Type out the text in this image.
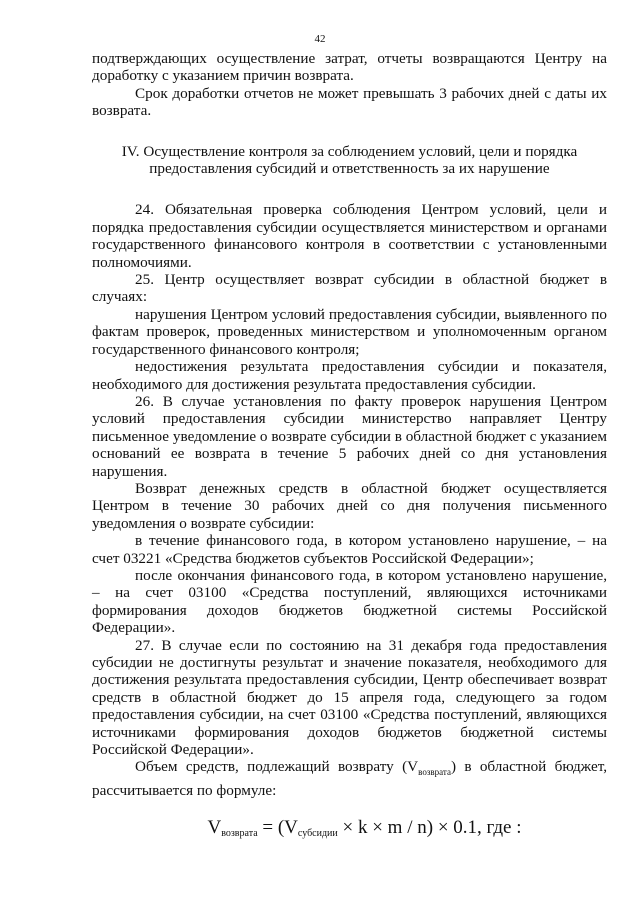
42

подтверждающих осуществление затрат, отчеты возвращаются Центру на доработку с указанием причин возврата.

Срок доработки отчетов не может превышать 3 рабочих дней с даты их возврата.

IV. Осуществление контроля за соблюдением условий, цели и порядка предоставления субсидий и ответственность за их нарушение

24. Обязательная проверка соблюдения Центром условий, цели и порядка предоставления субсидии осуществляется министерством и органами государственного финансового контроля в соответствии с установленными полномочиями.

25. Центр осуществляет возврат субсидии в областной бюджет в случаях:

нарушения Центром условий предоставления субсидии, выявленного по фактам проверок, проведенных министерством и уполномоченным органом государственного финансового контроля;

недостижения результата предоставления субсидии и показателя, необходимого для достижения результата предоставления субсидии.

26. В случае установления по факту проверок нарушения Центром условий предоставления субсидии министерство направляет Центру письменное уведомление о возврате субсидии в областной бюджет с указанием оснований ее возврата в течение 5 рабочих дней со дня установления нарушения.

Возврат денежных средств в областной бюджет осуществляется Центром в течение 30 рабочих дней со дня получения письменного уведомления о возврате субсидии:

в течение финансового года, в котором установлено нарушение, – на счет 03221 «Средства бюджетов субъектов Российской Федерации»;

после окончания финансового года, в котором установлено нарушение, – на счет 03100 «Средства поступлений, являющихся источниками формирования доходов бюджетов бюджетной системы Российской Федерации».

27. В случае если по состоянию на 31 декабря года предоставления субсидии не достигнуты результат и значение показателя, необходимого для достижения результата предоставления субсидии, Центр обеспечивает возврат средств в областной бюджет до 15 апреля года, следующего за годом предоставления субсидии, на счет 03100 «Средства поступлений, являющихся источниками формирования доходов бюджетов бюджетной системы Российской Федерации».

Объем средств, подлежащий возврату $(V_{возврата})$ в областной бюджет, рассчитывается по формуле:

$V_{возврата} = (V_{субсидии} \times k \times m / n) \times 0.1$, где :
